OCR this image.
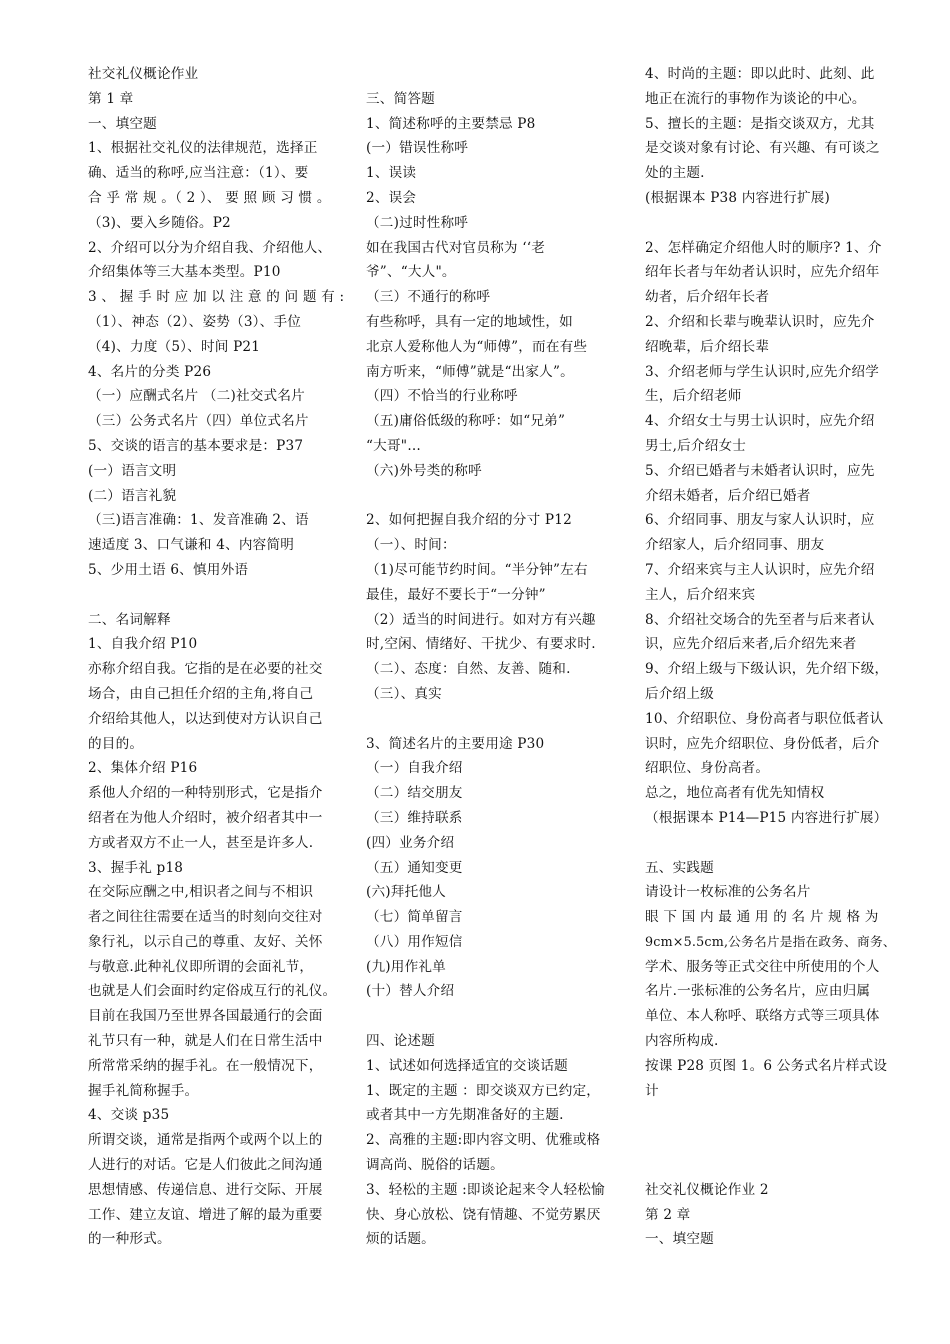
社交礼仪概论作业
第 1 章
一、填空题
1、根据社交礼仪的法律规范，选择正
确、适当的称呼,应当注意：（1）、要
合 乎 常 规 。（ 2 ）、 要 照 顾 习 惯 。
（3)、要入乡随俗。P2
2、介绍可以分为介绍自我、介绍他人、
介绍集体等三大基本类型。P10
3 、 握 手 时 应 加 以 注 意 的 问 题 有 :
（1）、神态（2）、姿势（3）、手位
（4)、力度（5）、时间 P21
4、名片的分类 P26
（一）应酬式名片 （二)社交式名片
（三）公务式名片（四）单位式名片
5、交谈的语言的基本要求是：P37
(一）语言文明
(二）语言礼貌
（三)语言准确：1、发音准确 2、语
速适度 3、口气谦和 4、内容简明
5、少用土语 6、慎用外语
二、名词解释
1、自我介绍 P10
亦称介绍自我。它指的是在必要的社交
场合，由自己担任介绍的主角,将自己
介绍给其他人，以达到使对方认识自己
的目的。
2、集体介绍 P16
系他人介绍的一种特别形式，它是指介
绍者在为他人介绍时，被介绍者其中一
方或者双方不止一人，甚至是许多人.
3、握手礼 p18
在交际应酬之中,相识者之间与不相识
者之间往往需要在适当的时刻向交往对
象行礼，以示自己的尊重、友好、关怀
与敬意.此种礼仪即所谓的会面礼节，
也就是人们会面时约定俗成互行的礼仪。
目前在我国乃至世界各国最通行的会面
礼节只有一种，就是人们在日常生活中
所常常采纳的握手礼。在一般情况下，
握手礼简称握手。
4、交谈 p35
所谓交谈，通常是指两个或两个以上的
人进行的对话。它是人们彼此之间沟通
思想情感、传递信息、进行交际、开展
工作、建立友谊、增进了解的最为重要
的一种形式。
三、简答题
1、简述称呼的主要禁忌 P8
(一）错误性称呼
1、误读
2、误会
（二)过时性称呼
如在我国古代对官员称为 ‘‘老
爷”、“大人"。
（三）不通行的称呼
有些称呼，具有一定的地域性，如
北京人爱称他人为“师傅”，而在有些
南方听来，“师傅”就是“出家人”。
（四）不恰当的行业称呼
（五)庸俗低级的称呼：如“兄弟”
“大哥"…
（六)外号类的称呼
2、如何把握自我介绍的分寸 P12
（一）、时间：
（1)尽可能节约时间。“半分钟”左右
最佳，最好不要长于“一分钟”
（2）适当的时间进行。如对方有兴趣
时,空闲、情绪好、干扰少、有要求时.
（二）、态度：自然、友善、随和.
（三）、真实
3、简述名片的主要用途 P30
（一）自我介绍
（二）结交朋友
（三）维持联系
(四）业务介绍
（五）通知变更
(六)拜托他人
（七）简单留言
（八）用作短信
(九)用作礼单
(十）替人介绍
四、论述题
1、试述如何选择适宜的交谈话题
1、既定的主题 ：即交谈双方已约定，
或者其中一方先期准备好的主题.
2、高雅的主题:即内容文明、优雅或格
调高尚、脱俗的话题。
3、轻松的主题 :即谈论起来令人轻松愉
快、身心放松、饶有情趣、不觉劳累厌
烦的话题。
4、时尚的主题：即以此时、此刻、此
地正在流行的事物作为谈论的中心。
5、擅长的主题：是指交谈双方，尤其
是交谈对象有讨论、有兴趣、有可谈之
处的主题.
(根据课本 P38 内容进行扩展)
2、怎样确定介绍他人时的顺序? 1、介
绍年长者与年幼者认识时，应先介绍年
幼者，后介绍年长者
2、介绍和长辈与晚辈认识时，应先介
绍晚辈，后介绍长辈
3、介绍老师与学生认识时,应先介绍学
生，后介绍老师
4、介绍女士与男士认识时，应先介绍
男士,后介绍女士
5、介绍已婚者与未婚者认识时，应先
介绍未婚者，后介绍已婚者
6、介绍同事、朋友与家人认识时，应
介绍家人，后介绍同事、朋友
7、介绍来宾与主人认识时，应先介绍
主人，后介绍来宾
8、介绍社交场合的先至者与后来者认
识，应先介绍后来者,后介绍先来者
9、介绍上级与下级认识，先介绍下级，
后介绍上级
10、介绍职位、身份高者与职位低者认
识时，应先介绍职位、身份低者，后介
绍职位、身份高者。
总之，地位高者有优先知情权
（根据课本 P14—P15 内容进行扩展）
五、实践题
请设计一枚标准的公务名片
眼 下 国 内 最 通 用 的 名 片 规 格 为
9cm×5.5cm,公务名片是指在政务、商务、
学术、服务等正式交往中所使用的个人
名片.一张标准的公务名片，应由归属
单位、本人称呼、联络方式等三项具体
内容所构成.
按课 P28 页图 1。6 公务式名片样式设
计
社交礼仪概论作业 2
第 2 章
一、填空题
